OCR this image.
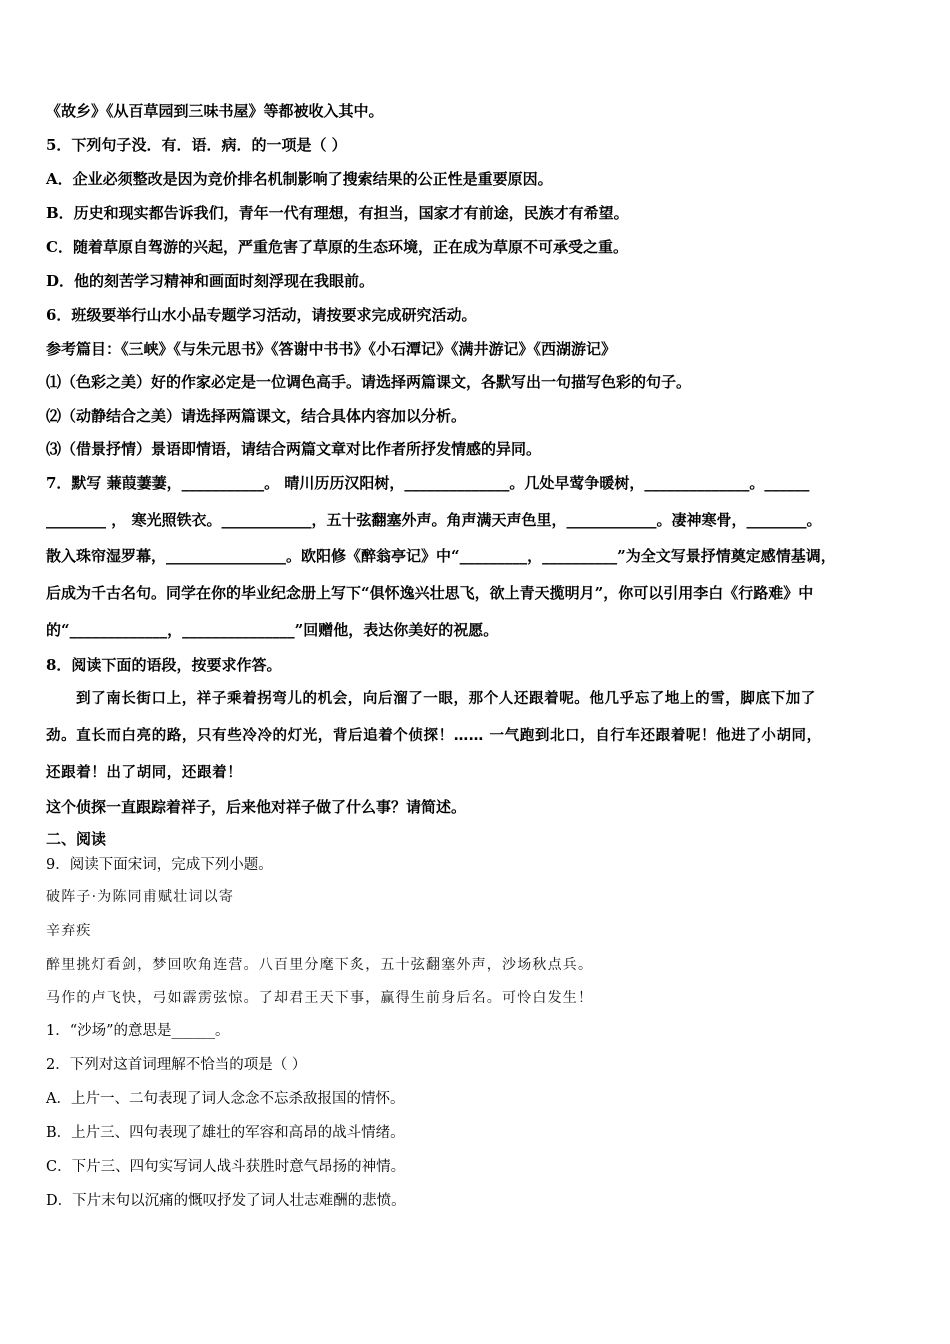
《故乡》《从百草园到三味书屋》等都被收入其中。
5．下列句子没．有．语．病．的一项是（ ）
A．企业必须整改是因为竞价排名机制影响了搜索结果的公正性是重要原因。
B．历史和现实都告诉我们，青年一代有理想，有担当，国家才有前途，民族才有希望。
C．随着草原自驾游的兴起，严重危害了草原的生态环境，正在成为草原不可承受之重。
D．他的刻苦学习精神和画面时刻浮现在我眼前。
6．班级要举行山水小品专题学习活动，请按要求完成研究活动。
参考篇目：《三峡》《与朱元思书》《答谢中书书》《小石潭记》《满井游记》《西湖游记》
⑴（色彩之美）好的作家必定是一位调色高手。请选择两篇课文，各默写出一句描写色彩的句子。
⑵（动静结合之美）请选择两篇课文，结合具体内容加以分析。
⑶（借景抒情）景语即情语，请结合两篇文章对比作者所抒发情感的异同。
7．默写 蒹葭萋萋，___________。 晴川历历汉阳树，______________。几处早莺争暖树，______________。______
________ ， 寒光照铁衣。____________，五十弦翻塞外声。角声满天声色里，____________。凄神寒骨，________。
散入珠帘湿罗幕，________________。欧阳修《醉翁亭记》中“_________，__________”为全文写景抒情奠定感情基调，
后成为千古名句。同学在你的毕业纪念册上写下“俱怀逸兴壮思飞，欲上青天揽明月”，你可以引用李白《行路难》中
的“_____________，_______________”回赠他，表达你美好的祝愿。
8．阅读下面的语段，按要求作答。
到了南长街口上，祥子乘着拐弯儿的机会，向后溜了一眼，那个人还跟着呢。他几乎忘了地上的雪，脚底下加了
劲。直长而白亮的路，只有些冷冷的灯光，背后追着个侦探！…… 一气跑到北口，自行车还跟着呢！他进了小胡同，
还跟着！出了胡同，还跟着！
这个侦探一直跟踪着祥子，后来他对祥子做了什么事？请简述。
二、阅读
9．阅读下面宋词，完成下列小题。
破阵子·为陈同甫赋壮词以寄
辛弃疾
醉里挑灯看剑，梦回吹角连营。八百里分麾下炙，五十弦翻塞外声，沙场秋点兵。
马作的卢飞快，弓如霹雳弦惊。了却君王天下事，赢得生前身后名。可怜白发生！
1．“沙场”的意思是______。
2．下列对这首词理解不恰当的项是（ ）
A．上片一、二句表现了词人念念不忘杀敌报国的情怀。
B．上片三、四句表现了雄壮的军容和高昂的战斗情绪。
C．下片三、四句实写词人战斗获胜时意气昂扬的神情。
D．下片末句以沉痛的慨叹抒发了词人壮志难酬的悲愤。
